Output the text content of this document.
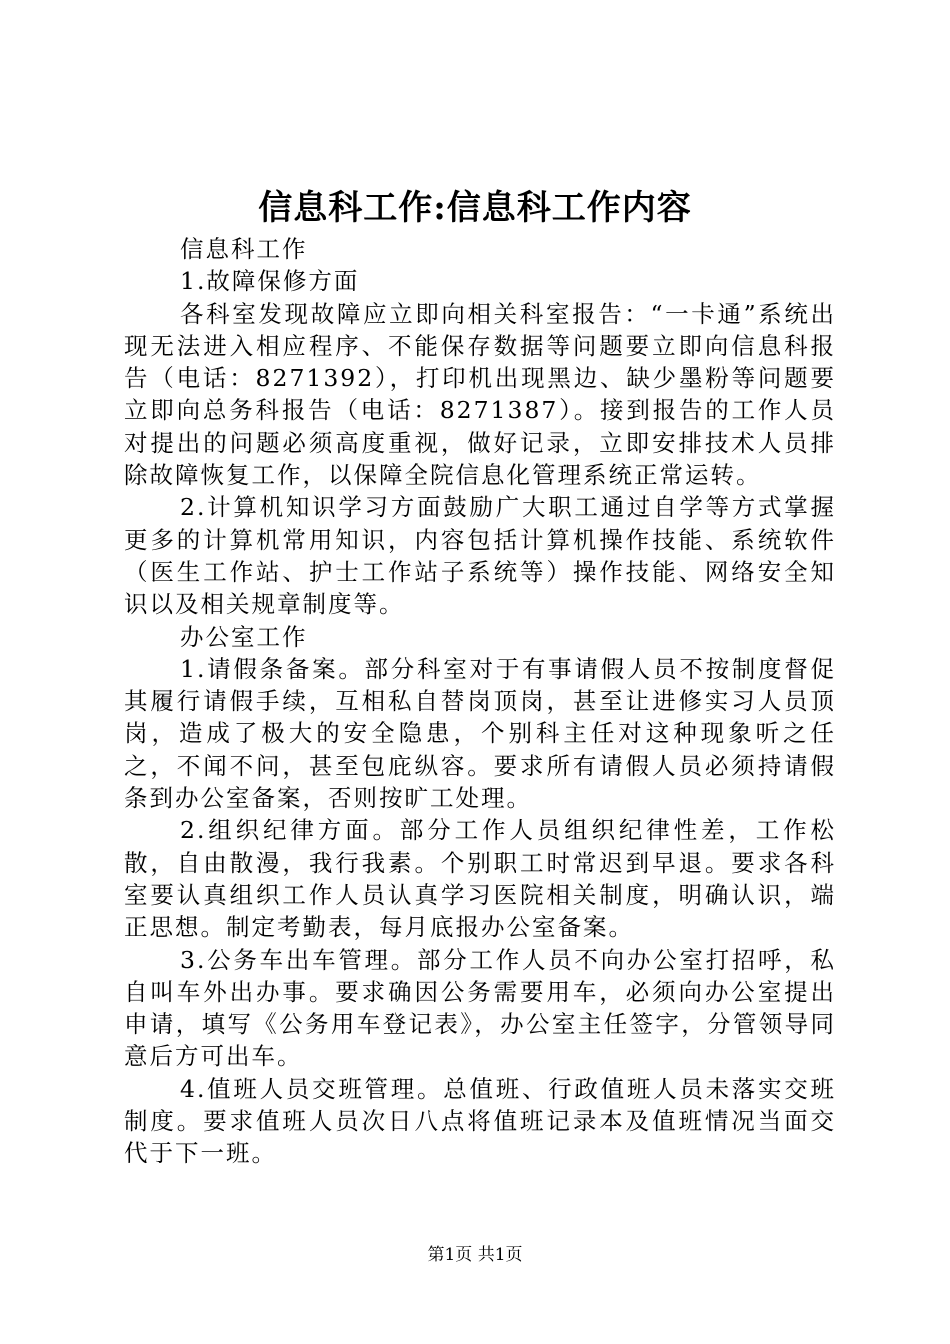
信息科工作:信息科工作内容

信息科工作

1.故障保修方面

各科室发现故障应立即向相关科室报告：“一卡通”系统出现无法进入相应程序、不能保存数据等问题要立即向信息科报告（电话：8271392），打印机出现黑边、缺少墨粉等问题要立即向总务科报告（电话：8271387）。接到报告的工作人员对提出的问题必须高度重视，做好记录，立即安排技术人员排除故障恢复工作，以保障全院信息化管理系统正常运转。

2.计算机知识学习方面鼓励广大职工通过自学等方式掌握更多的计算机常用知识，内容包括计算机操作技能、系统软件（医生工作站、护士工作站子系统等）操作技能、网络安全知识以及相关规章制度等。

办公室工作

1.请假条备案。部分科室对于有事请假人员不按制度督促其履行请假手续，互相私自替岗顶岗，甚至让进修实习人员顶岗，造成了极大的安全隐患，个别科主任对这种现象听之任之，不闻不问，甚至包庇纵容。要求所有请假人员必须持请假条到办公室备案，否则按旷工处理。

2.组织纪律方面。部分工作人员组织纪律性差，工作松散，自由散漫，我行我素。个别职工时常迟到早退。要求各科室要认真组织工作人员认真学习医院相关制度，明确认识，端正思想。制定考勤表，每月底报办公室备案。

3.公务车出车管理。部分工作人员不向办公室打招呼，私自叫车外出办事。要求确因公务需要用车，必须向办公室提出申请，填写《公务用车登记表》，办公室主任签字，分管领导同意后方可出车。

4.值班人员交班管理。总值班、行政值班人员未落实交班制度。要求值班人员次日八点将值班记录本及值班情况当面交代于下一班。

第1页 共1页
